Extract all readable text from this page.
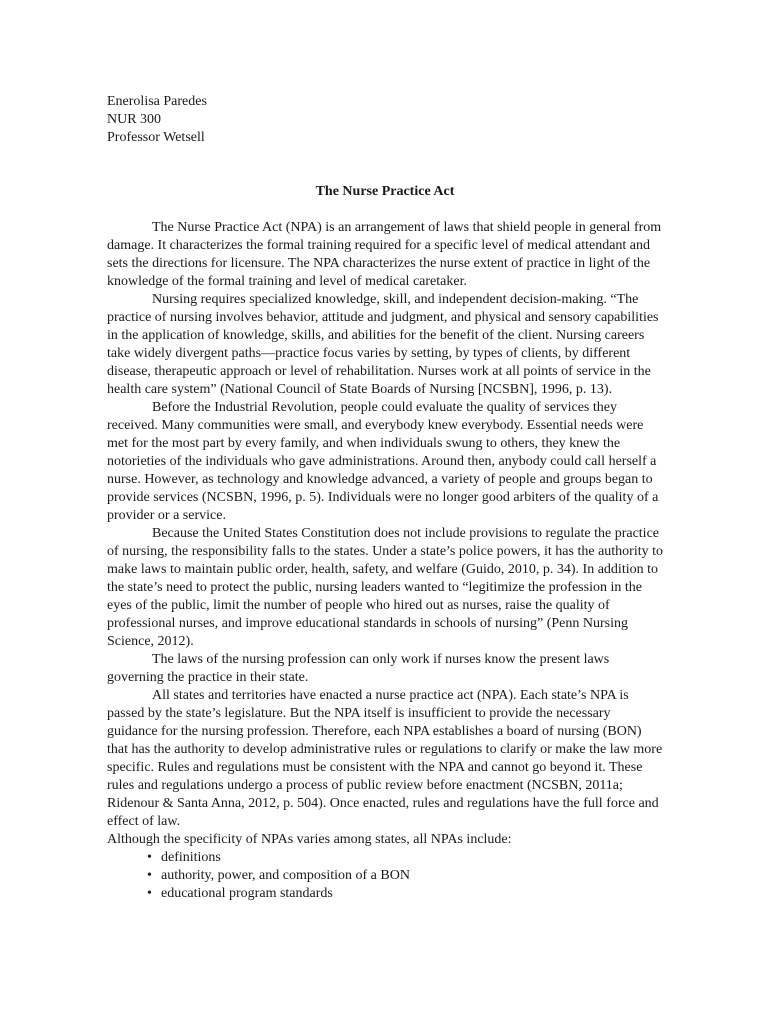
Enerolisa Paredes
NUR 300
Professor Wetsell
The Nurse Practice Act

The Nurse Practice Act (NPA) is an arrangement of laws that shield people in general from damage. It characterizes the formal training required for a specific level of medical attendant and sets the directions for licensure. The NPA characterizes the nurse extent of practice in light of the knowledge of the formal training and level of medical caretaker.

Nursing requires specialized knowledge, skill, and independent decision-making. “The practice of nursing involves behavior, attitude and judgment, and physical and sensory capabilities in the application of knowledge, skills, and abilities for the benefit of the client. Nursing careers take widely divergent paths—practice focus varies by setting, by types of clients, by different disease, therapeutic approach or level of rehabilitation. Nurses work at all points of service in the health care system” (National Council of State Boards of Nursing [NCSBN], 1996, p. 13).

Before the Industrial Revolution, people could evaluate the quality of services they received. Many communities were small, and everybody knew everybody. Essential needs were met for the most part by every family, and when individuals swung to others, they knew the notorieties of the individuals who gave administrations. Around then, anybody could call herself a nurse. However, as technology and knowledge advanced, a variety of people and groups began to provide services (NCSBN, 1996, p. 5). Individuals were no longer good arbiters of the quality of a provider or a service.

Because the United States Constitution does not include provisions to regulate the practice of nursing, the responsibility falls to the states. Under a state’s police powers, it has the authority to make laws to maintain public order, health, safety, and welfare (Guido, 2010, p. 34). In addition to the state’s need to protect the public, nursing leaders wanted to “legitimize the profession in the eyes of the public, limit the number of people who hired out as nurses, raise the quality of professional nurses, and improve educational standards in schools of nursing” (Penn Nursing Science, 2012).

The laws of the nursing profession can only work if nurses know the present laws governing the practice in their state.

All states and territories have enacted a nurse practice act (NPA). Each state’s NPA is passed by the state’s legislature. But the NPA itself is insufficient to provide the necessary guidance for the nursing profession. Therefore, each NPA establishes a board of nursing (BON) that has the authority to develop administrative rules or regulations to clarify or make the law more specific. Rules and regulations must be consistent with the NPA and cannot go beyond it. These rules and regulations undergo a process of public review before enactment (NCSBN, 2011a; Ridenour & Santa Anna, 2012, p. 504). Once enacted, rules and regulations have the full force and effect of law.

Although the specificity of NPAs varies among states, all NPAs include:

• definitions
• authority, power, and composition of a BON
• educational program standards
